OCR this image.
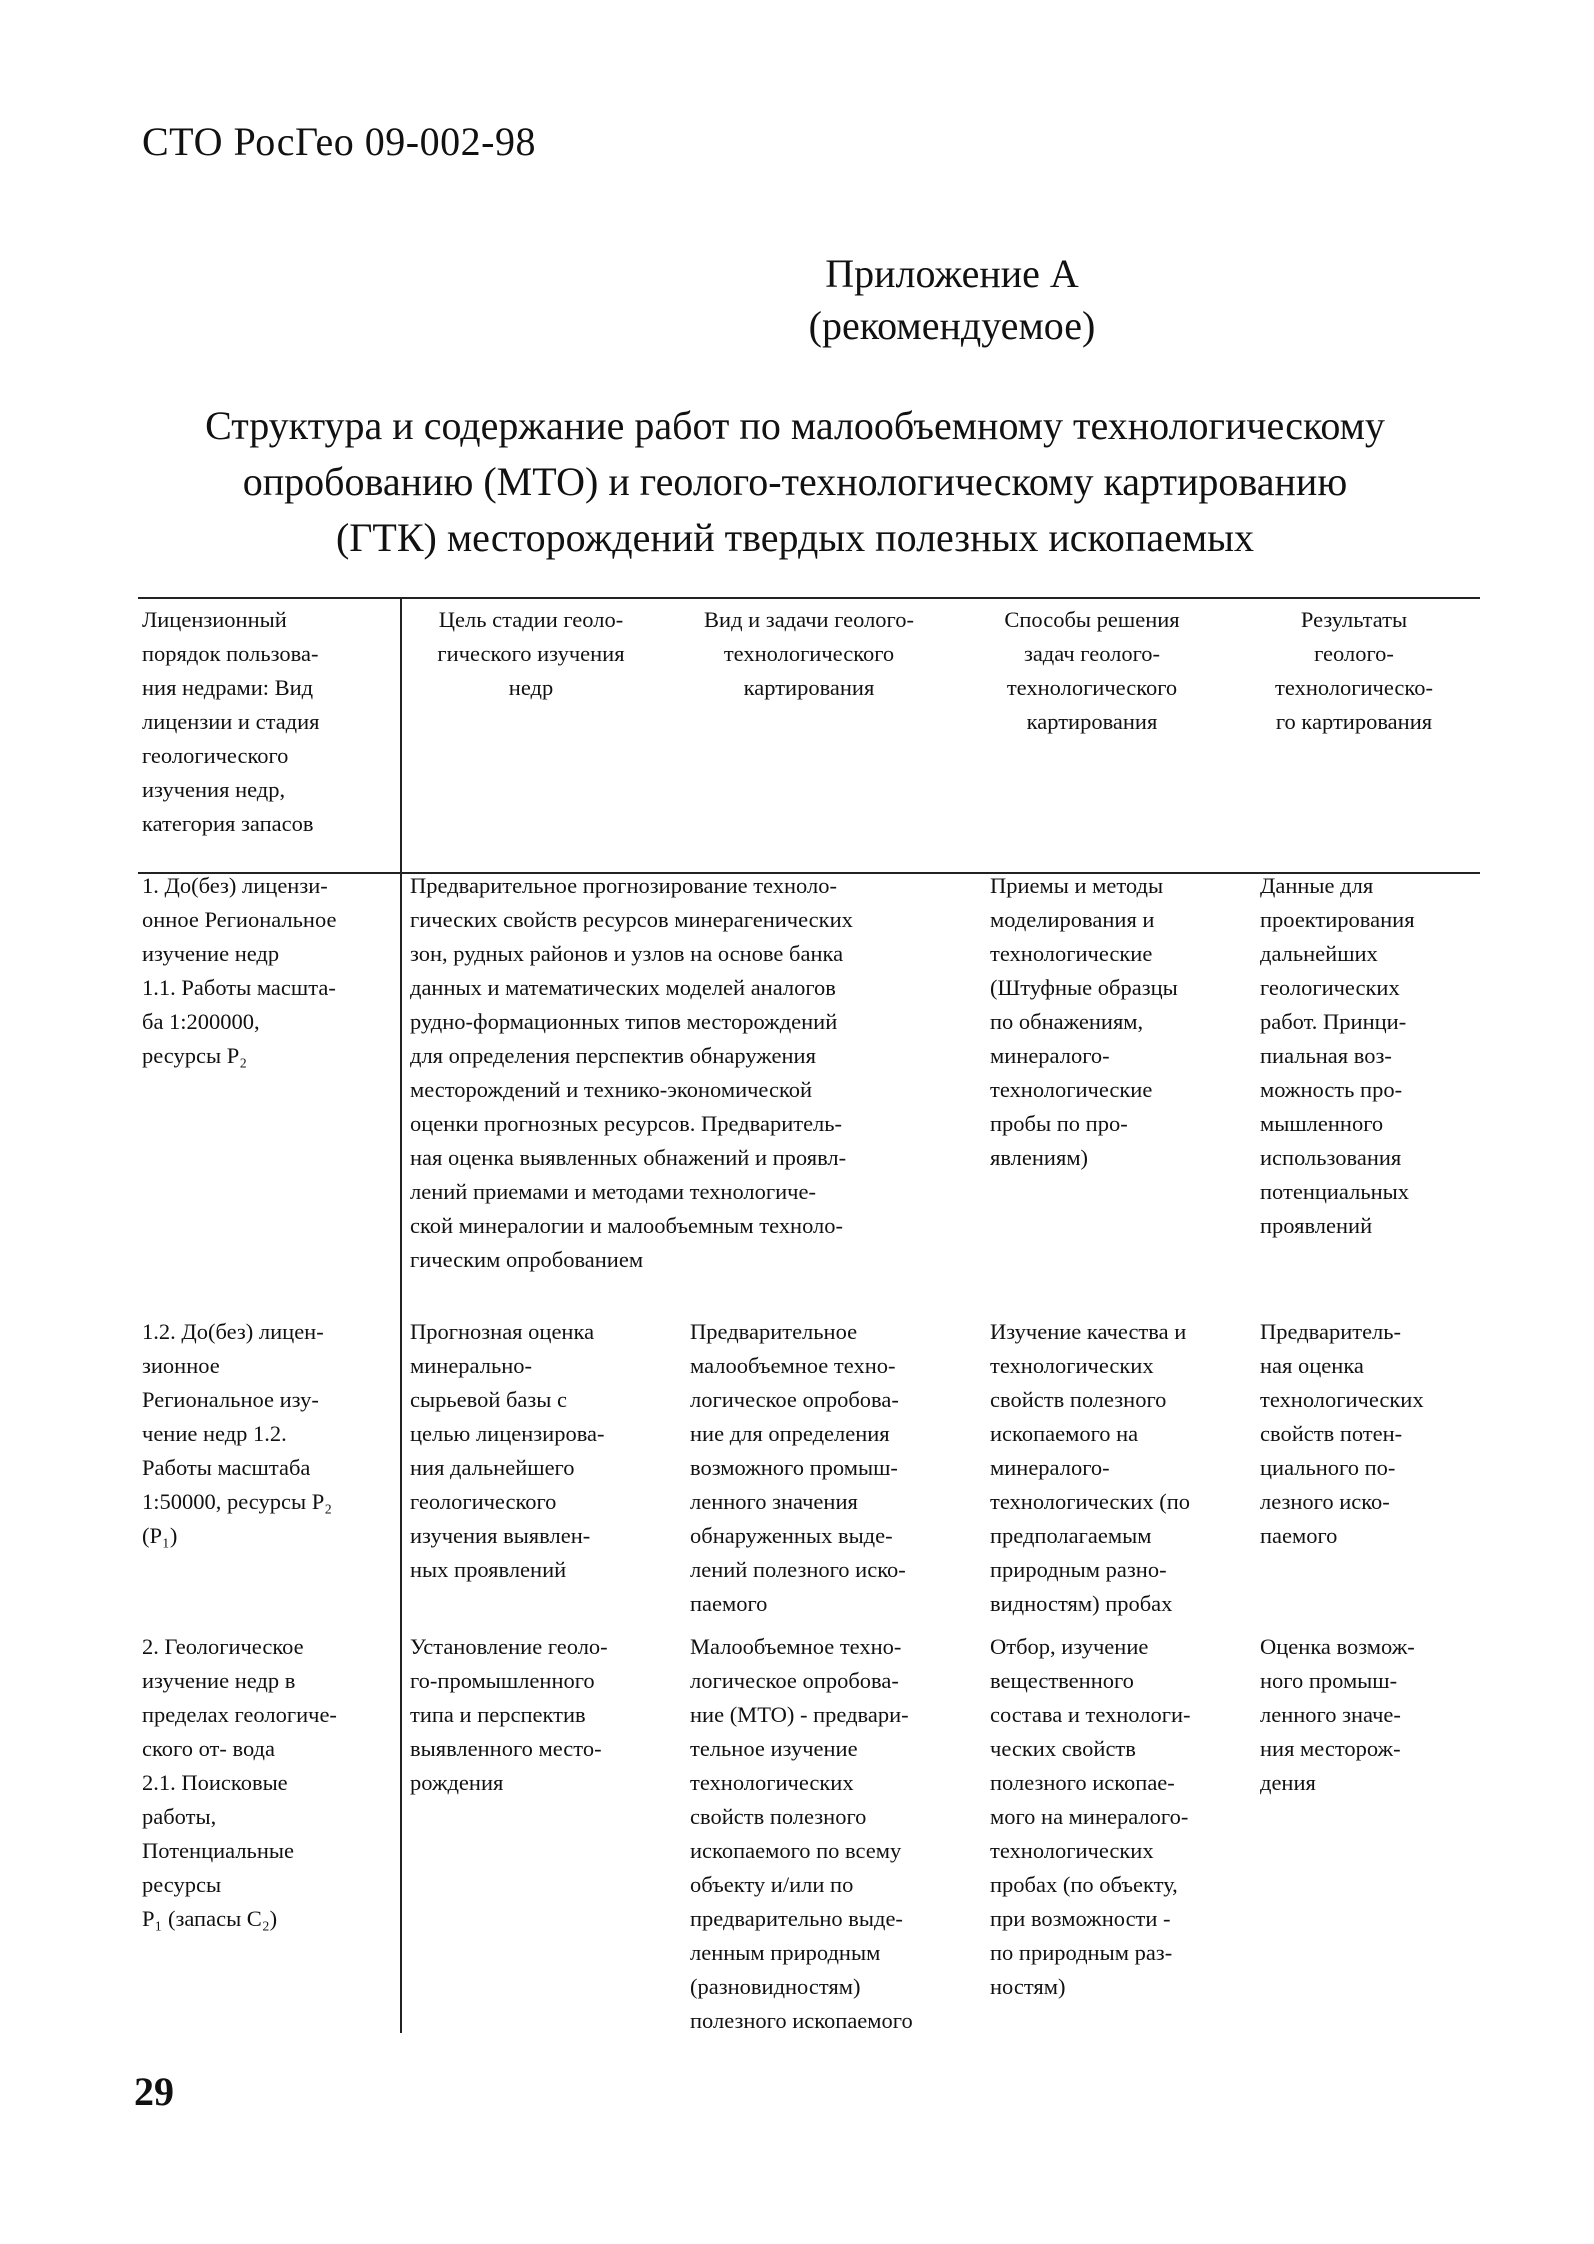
СТО РосГео 09-002-98
Приложение А
(рекомендуемое)
Структура и содержание работ по малообъемному технологическому
опробованию (МТО) и геолого-технологическому картированию
(ГТК) месторождений твердых полезных ископаемых
Лицензионный
порядок пользова-
ния недрами: Вид
лицензии и стадия
геологического
изучения недр,
категория запасов
Цель стадии геоло-
гического изучения
недр
Вид и задачи геолого-
технологического
картирования
Способы решения
задач геолого-
технологического
картирования
Результаты
геолого-
технологическо-
го картирования
1. До(без) лицензи-
онное Региональное
изучение недр
1.1. Работы масшта-
ба 1:200000,
ресурсы Р₂
Предварительное прогнозирование техноло-
гических свойств ресурсов минерагенических
зон, рудных районов и узлов на основе банка
данных и математических моделей аналогов
рудно-формационных типов месторождений
для определения перспектив обнаружения
месторождений и технико-экономической
оценки прогнозных ресурсов. Предваритель-
ная оценка выявленных обнажений и проявл-
лений приемами и методами технологиче-
ской минералогии и малообъемным техноло-
гическим опробованием
Приемы и методы
моделирования и
технологические
(Штуфные образцы
по обнажениям,
минералого-
технологические
пробы по про-
явлениям)
Данные для
проектирования
дальнейших
геологических
работ. Принци-
пиальная воз-
можность про-
мышленного
использования
потенциальных
проявлений
1.2. До(без) лицен-
зионное
Региональное изу-
чение недр 1.2.
Работы масштаба
1:50000, ресурсы Р₂
(Р₁)
Прогнозная оценка
минерально-
сырьевой базы с
целью лицензирова-
ния дальнейшего
геологического
изучения выявлен-
ных проявлений
Предварительное
малообъемное техно-
логическое опробова-
ние для определения
возможного промыш-
ленного значения
обнаруженных выде-
лений полезного иско-
паемого
Изучение качества и
технологических
свойств полезного
ископаемого на
минералого-
технологических (по
предполагаемым
природным разно-
видностям) пробах
Предваритель-
ная оценка
технологических
свойств потен-
циального по-
лезного иско-
паемого
2. Геологическое
изучение недр в
пределах геологиче-
ского от- вода
2.1. Поисковые
работы,
Потенциальные
ресурсы
Р₁ (запасы С₂)
Установление геоло-
го-промышленного
типа и перспектив
выявленного место-
рождения
Малообъемное техно-
логическое опробова-
ние (МТО) - предвари-
тельное изучение
технологических
свойств полезного
ископаемого по всему
объекту и/или по
предварительно выде-
ленным природным
(разновидностям)
полезного ископаемого
Отбор, изучение
вещественного
состава и технологи-
ческих свойств
полезного ископае-
мого на минералого-
технологических
пробах (по объекту,
при возможности -
по природным раз-
ностям)
Оценка возмож-
ного промыш-
ленного значе-
ния месторож-
дения
29
